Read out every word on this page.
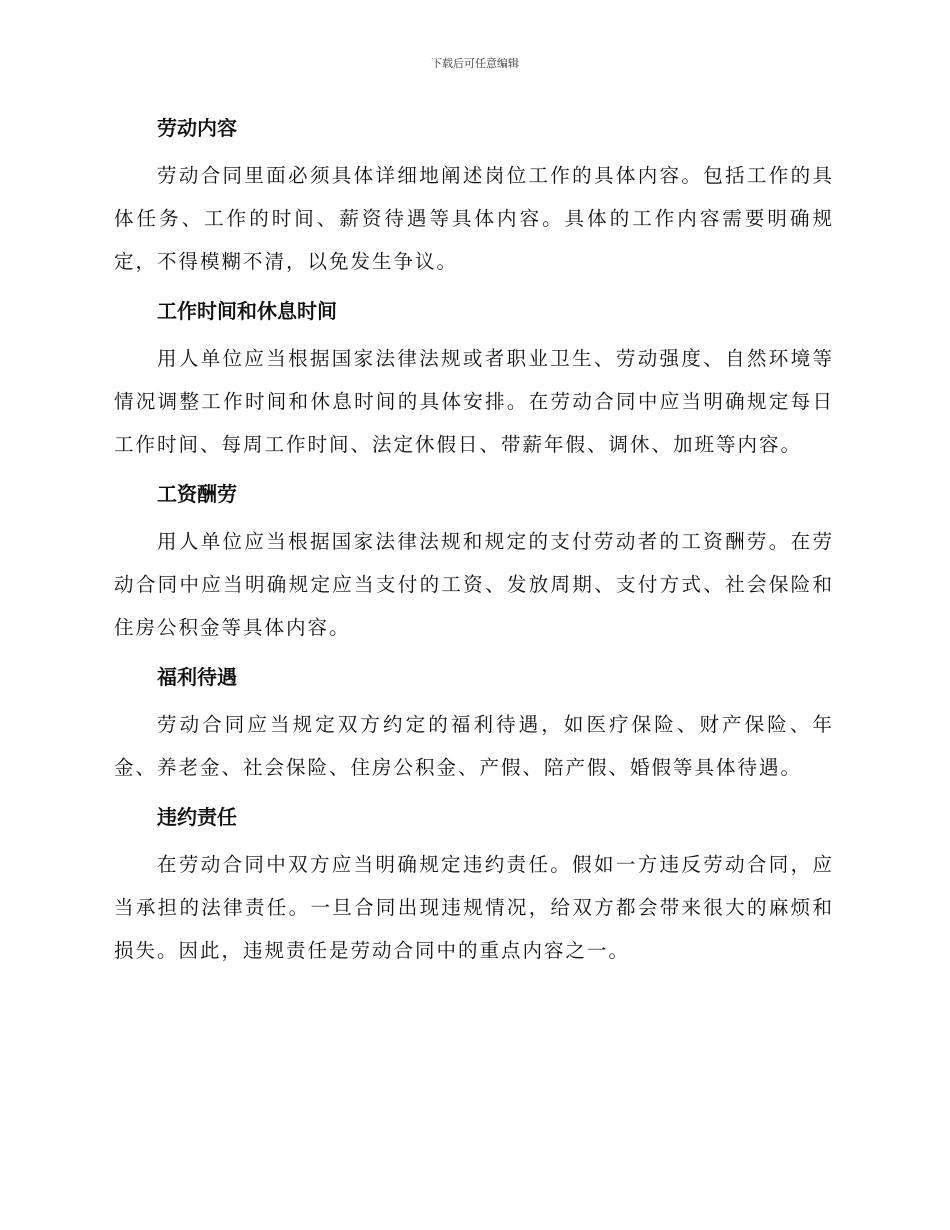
下载后可任意编辑
劳动内容

劳动合同里面必须具体详细地阐述岗位工作的具体内容。包括工作的具体任务、工作的时间、薪资待遇等具体内容。具体的工作内容需要明确规定，不得模糊不清，以免发生争议。

工作时间和休息时间

用人单位应当根据国家法律法规或者职业卫生、劳动强度、自然环境等情况调整工作时间和休息时间的具体安排。在劳动合同中应当明确规定每日工作时间、每周工作时间、法定休假日、带薪年假、调休、加班等内容。

工资酬劳

用人单位应当根据国家法律法规和规定的支付劳动者的工资酬劳。在劳动合同中应当明确规定应当支付的工资、发放周期、支付方式、社会保险和住房公积金等具体内容。

福利待遇

劳动合同应当规定双方约定的福利待遇，如医疗保险、财产保险、年金、养老金、社会保险、住房公积金、产假、陪产假、婚假等具体待遇。

违约责任

在劳动合同中双方应当明确规定违约责任。假如一方违反劳动合同，应当承担的法律责任。一旦合同出现违规情况，给双方都会带来很大的麻烦和损失。因此，违规责任是劳动合同中的重点内容之一。
